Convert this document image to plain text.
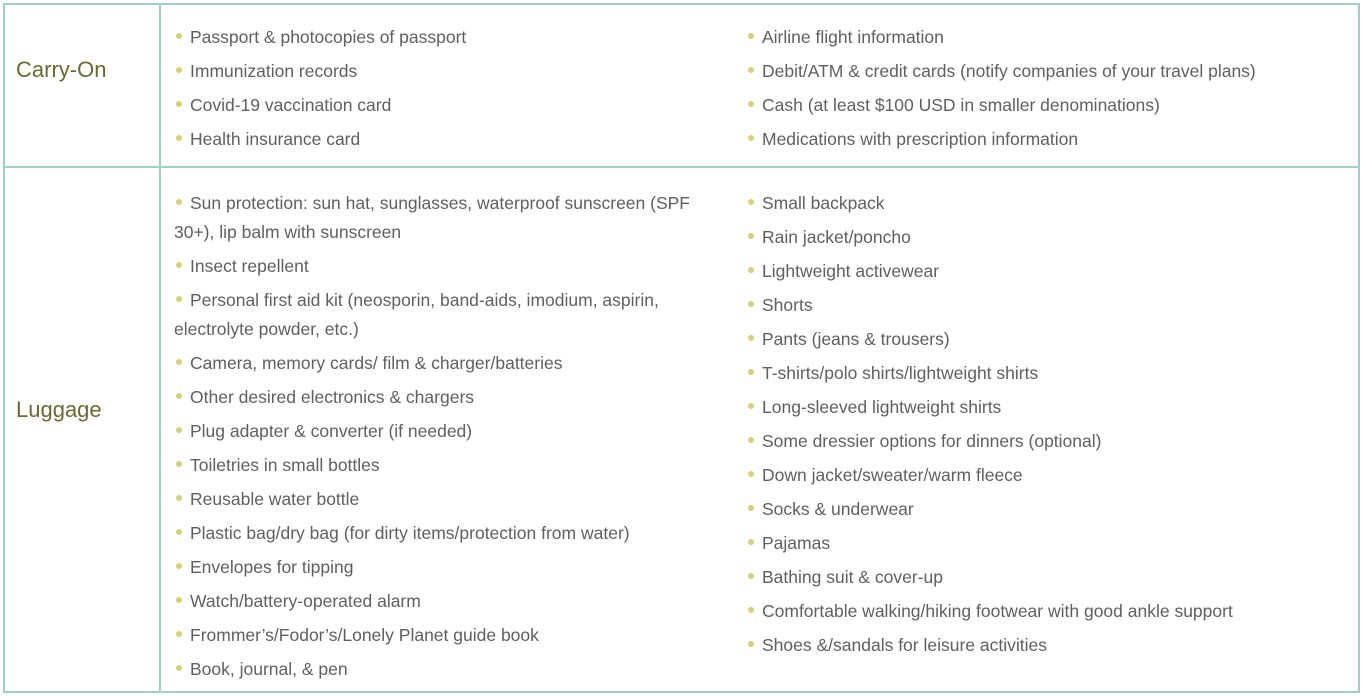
Carry-On
Passport & photocopies of passport
Immunization records
Covid-19 vaccination card
Health insurance card
Airline flight information
Debit/ATM & credit cards (notify companies of your travel plans)
Cash (at least $100 USD in smaller denominations)
Medications with prescription information
Luggage
Sun protection: sun hat, sunglasses, waterproof sunscreen (SPF 30+), lip balm with sunscreen
Insect repellent
Personal first aid kit (neosporin, band-aids, imodium, aspirin, electrolyte powder, etc.)
Camera, memory cards/ film & charger/batteries
Other desired electronics & chargers
Plug adapter & converter (if needed)
Toiletries in small bottles
Reusable water bottle
Plastic bag/dry bag (for dirty items/protection from water)
Envelopes for tipping
Watch/battery-operated alarm
Frommer’s/Fodor’s/Lonely Planet guide book
Book, journal, & pen
Small backpack
Rain jacket/poncho
Lightweight activewear
Shorts
Pants (jeans & trousers)
T-shirts/polo shirts/lightweight shirts
Long-sleeved lightweight shirts
Some dressier options for dinners (optional)
Down jacket/sweater/warm fleece
Socks & underwear
Pajamas
Bathing suit & cover-up
Comfortable walking/hiking footwear with good ankle support
Shoes &/sandals for leisure activities
